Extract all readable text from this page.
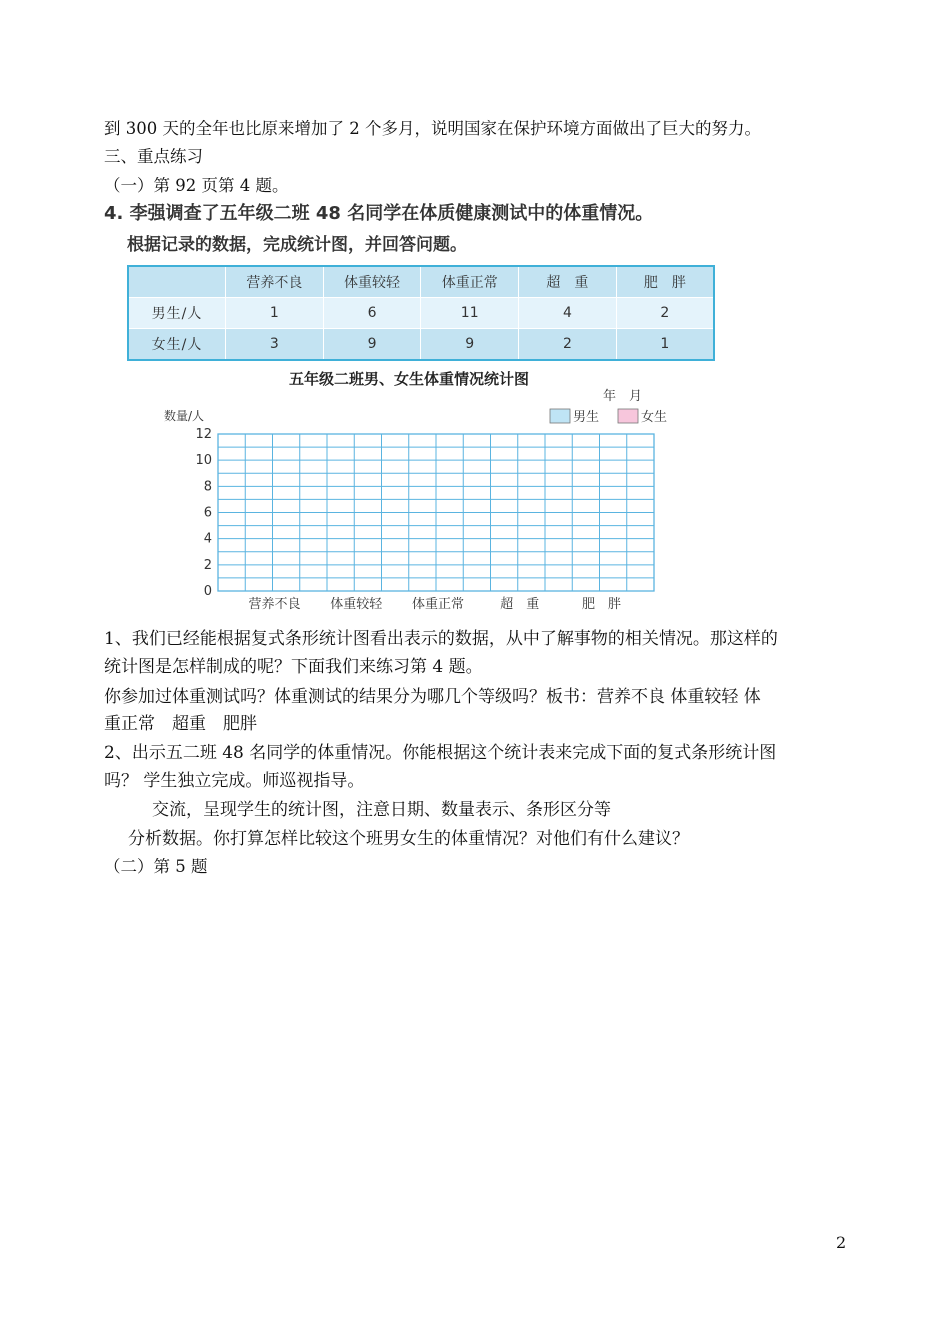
到 300 天的全年也比原来增加了 2 个多月，说明国家在保护环境方面做出了巨大的努力。
三、重点练习
（一）第 92 页第 4 题。
4. 李强调查了五年级二班 48 名同学在体质健康测试中的体重情况。
根据记录的数据，完成统计图，并回答问题。
	营养不良	体重较轻	体重正常	超　重	肥　胖
男生/人	1	6	11	4	2
女生/人	3	9	9	2	1
五年级二班男、女生体重情况统计图
年　月
数量/人	男生	女生
0
2
4
6
8
10
12
营养不良 体重较轻 体重正常	超　重	肥　胖
1、我们已经能根据复式条形统计图看出表示的数据，从中了解事物的相关情况。那这样的
统计图是怎样制成的呢？下面我们来练习第 4 题。
你参加过体重测试吗？体重测试的结果分为哪几个等级吗？板书：营养不良 体重较轻 体
重正常　超重　肥胖
2、出示五二班 48 名同学的体重情况。你能根据这个统计表来完成下面的复式条形统计图
吗？ 学生独立完成。师巡视指导。
交流，呈现学生的统计图，注意日期、数量表示、条形区分等
分析数据。你打算怎样比较这个班男女生的体重情况？对他们有什么建议？
（二）第 5 题
2
